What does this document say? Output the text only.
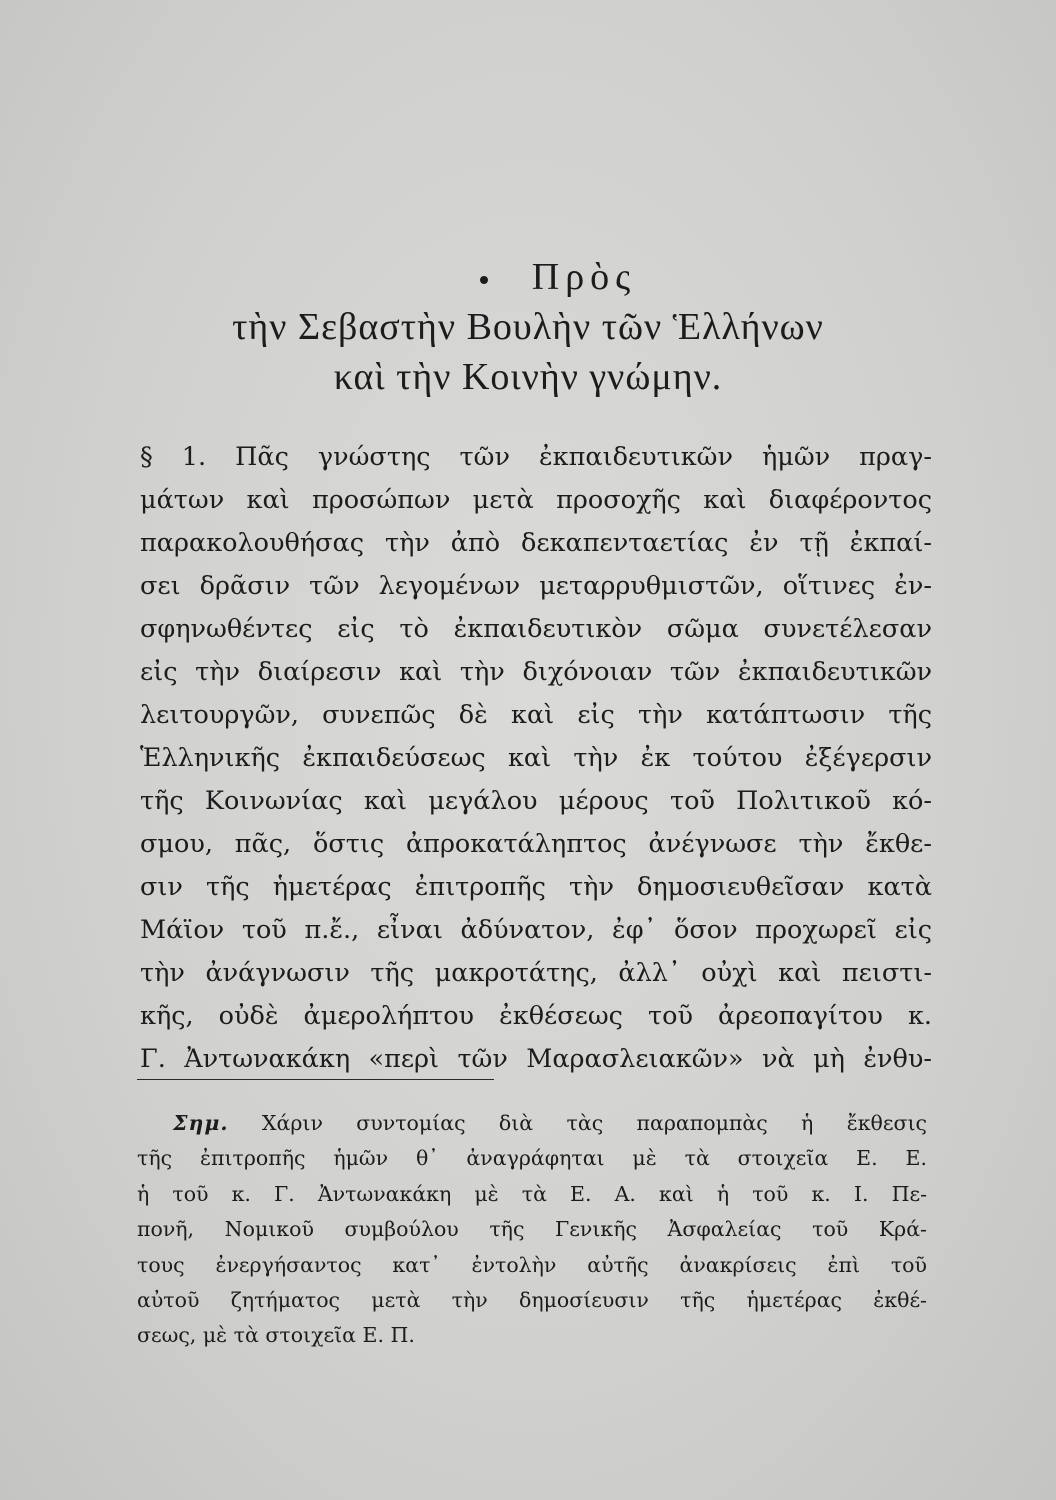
Πρὸς
τὴν Σεβαστὴν Βουλὴν τῶν Ἑλλήνων
καὶ τὴν Κοινὴν γνώμην.
§ 1. Πᾶς γνώστης τῶν ἐκπαιδευτικῶν ἡμῶν πραγ-
μάτων καὶ προσώπων μετὰ προσοχῆς καὶ διαφέροντος
παρακολουθήσας τὴν ἀπὸ δεκαπενταετίας ἐν τῇ ἐκπαί-
σει δρᾶσιν τῶν λεγομένων μεταρρυθμιστῶν, οἵτινες ἐν-
σφηνωθέντες εἰς τὸ ἐκπαιδευτικὸν σῶμα συνετέλεσαν
εἰς τὴν διαίρεσιν καὶ τὴν διχόνοιαν τῶν ἐκπαιδευτικῶν
λειτουργῶν, συνεπῶς δὲ καὶ εἰς τὴν κατάπτωσιν τῆς
Ἑλληνικῆς ἐκπαιδεύσεως καὶ τὴν ἐκ τούτου ἐξέγερσιν
τῆς Κοινωνίας καὶ μεγάλου μέρους τοῦ Πολιτικοῦ κό-
σμου, πᾶς, ὅστις ἀπροκατάληπτος ἀνέγνωσε τὴν ἔκθε-
σιν τῆς ἡμετέρας ἐπιτροπῆς τὴν δημοσιευθεῖσαν κατὰ
Μάϊον τοῦ π.ἔ., εἶναι ἀδύνατον, ἐφ᾽ ὅσον προχωρεῖ εἰς
τὴν ἀνάγνωσιν τῆς μακροτάτης, ἀλλ᾽ οὐχὶ καὶ πειστι-
κῆς, οὐδὲ ἀμερολήπτου ἐκθέσεως τοῦ ἀρεοπαγίτου κ.
Γ. Ἀντωνακάκη «περὶ τῶν Μαρασλειακῶν» νὰ μὴ ἐνθυ-
Σημ. Χάριν συντομίας διὰ τὰς παραπομπὰς ἡ ἔκθεσις
τῆς ἐπιτροπῆς ἡμῶν θ᾽ ἀναγράφηται μὲ τὰ στοιχεῖα Ε. Ε.
ἡ τοῦ κ. Γ. Ἀντωνακάκη μὲ τὰ Ε. Α. καὶ ἡ τοῦ κ. Ι. Πε-
πονῆ, Νομικοῦ συμβούλου τῆς Γενικῆς Ἀσφαλείας τοῦ Κρά-
τους ἐνεργήσαντος κατ᾽ ἐντολὴν αὐτῆς ἀνακρίσεις ἐπὶ τοῦ
αὐτοῦ ζητήματος μετὰ τὴν δημοσίευσιν τῆς ἡμετέρας ἐκθέ-
σεως, μὲ τὰ στοιχεῖα Ε. Π.
